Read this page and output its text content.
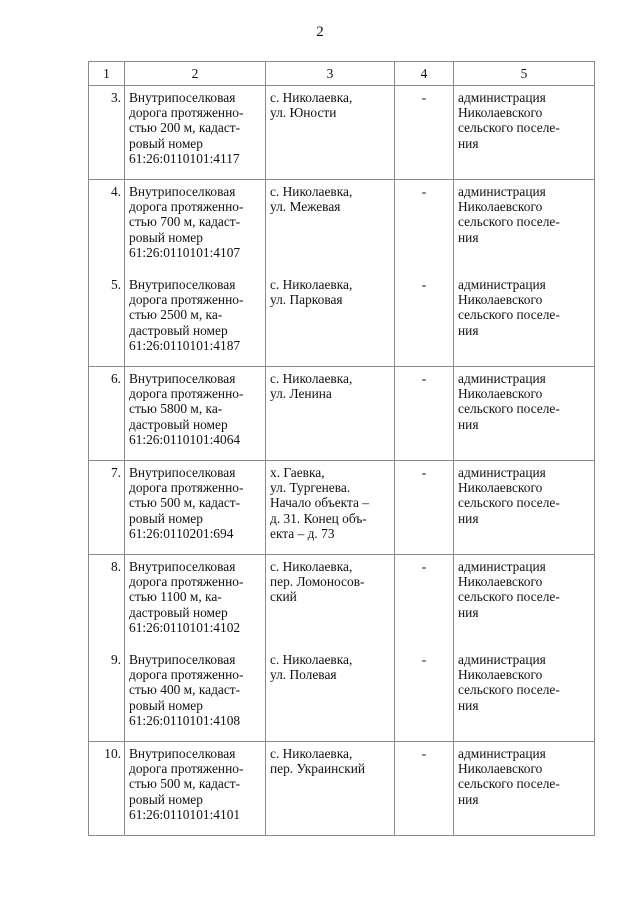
2
1	2	3	4	5
3.	Внутрипоселковая
дорога протяженно-
стью 200 м, кадаст-
ровый номер
61:26:0110101:4117	с. Николаевка,
ул. Юности	-	администрация
Николаевского
сельского поселе-
ния

4.	Внутрипоселковая
дорога протяженно-
стью 700 м, кадаст-
ровый номер
61:26:0110101:4107	с. Николаевка,
ул. Межевая	-	администрация
Николаевского
сельского поселе-
ния

5.	Внутрипоселковая
дорога протяженно-
стью 2500 м, ка-
дастровый номер
61:26:0110101:4187	с. Николаевка,
ул. Парковая	-	администрация
Николаевского
сельского поселе-
ния

6.	Внутрипоселковая
дорога протяженно-
стью 5800 м, ка-
дастровый номер
61:26:0110101:4064	с. Николаевка,
ул. Ленина	-	администрация
Николаевского
сельского поселе-
ния

7.	Внутрипоселковая
дорога протяженно-
стью 500 м, кадаст-
ровый номер
61:26:0110201:694	х. Гаевка,
ул. Тургенева.
Начало объекта –
д. 31. Конец объ-
екта – д. 73	-	администрация
Николаевского
сельского поселе-
ния

8.	Внутрипоселковая
дорога протяженно-
стью 1100 м, ка-
дастровый номер
61:26:0110101:4102	с. Николаевка,
пер. Ломоносов-
ский	-	администрация
Николаевского
сельского поселе-
ния

9.	Внутрипоселковая
дорога протяженно-
стью 400 м, кадаст-
ровый номер
61:26:0110101:4108	с. Николаевка,
ул. Полевая	-	администрация
Николаевского
сельского поселе-
ния

10.	Внутрипоселковая
дорога протяженно-
стью 500 м, кадаст-
ровый номер
61:26:0110101:4101	с. Николаевка,
пер. Украинский	-	администрация
Николаевского
сельского поселе-
ния
